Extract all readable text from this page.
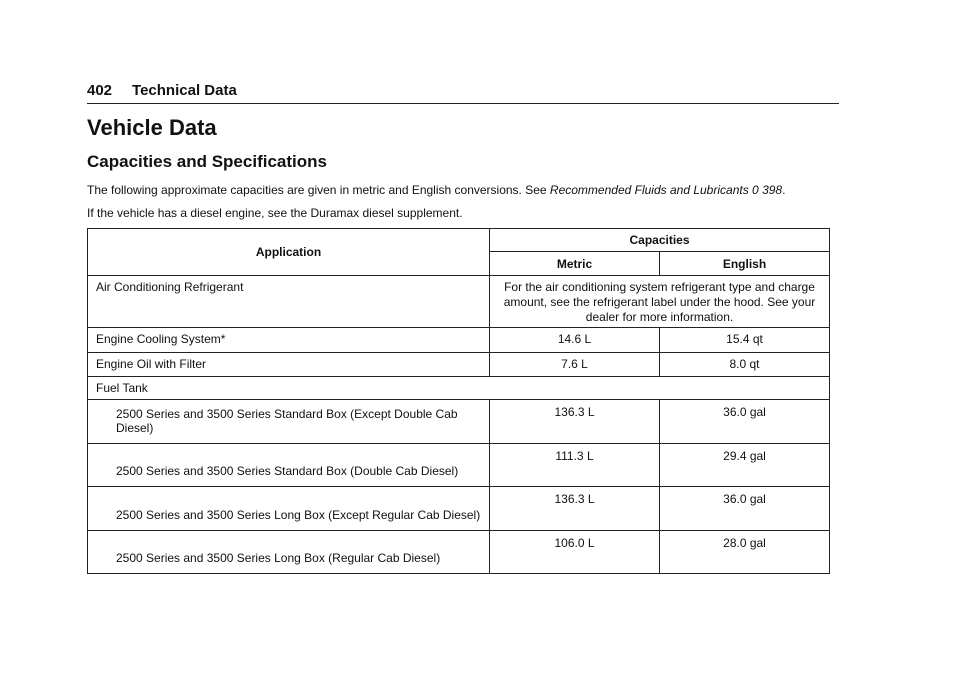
402 Technical Data
Vehicle Data
Capacities and Specifications

The following approximate capacities are given in metric and English conversions. See Recommended Fluids and Lubricants 0 398.

If the vehicle has a diesel engine, see the Duramax diesel supplement.

Application	Capacities	
	Metric	English
Air Conditioning Refrigerant	For the air conditioning system refrigerant type and charge amount, see the refrigerant label under the hood. See your dealer for more information.	
Engine Cooling System*	14.6 L	15.4 qt
Engine Oil with Filter	7.6 L	8.0 qt
Fuel Tank		
2500 Series and 3500 Series Standard Box (Except Double Cab Diesel)	136.3 L	36.0 gal
2500 Series and 3500 Series Standard Box (Double Cab Diesel)	111.3 L	29.4 gal
2500 Series and 3500 Series Long Box (Except Regular Cab Diesel)	136.3 L	36.0 gal
2500 Series and 3500 Series Long Box (Regular Cab Diesel)	106.0 L	28.0 gal
